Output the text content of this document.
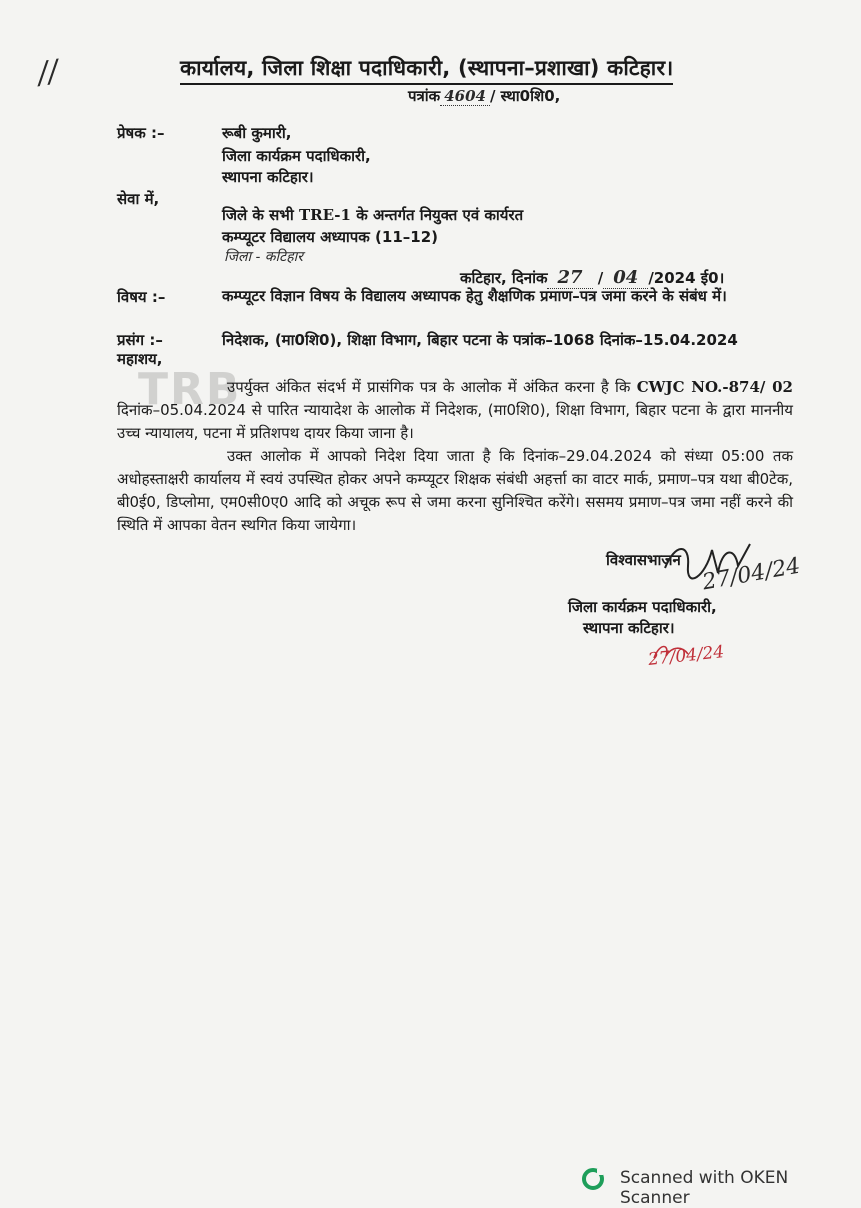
//	कार्यालय, जिला शिक्षा पदाधिकारी, (स्थापना–प्रशाखा) कटिहार।
पत्रांक 4604 / स्था0शि0,
प्रेषक :–	रूबी कुमारी,
जिला कार्यक्रम पदाधिकारी,
स्थापना कटिहार।
सेवा में,
जिले के सभी TRE-1 के अन्तर्गत नियुक्त एवं कार्यरत
कम्प्यूटर विद्यालय अध्यापक (11–12)
जिला - कटिहार
कटिहार, दिनांक 27 / 04 /2024 ई0।
विषय :–	कम्प्यूटर विज्ञान विषय के विद्यालय अध्यापक हेतु शैक्षणिक प्रमाण–पत्र जमा करने के संबंध में।
प्रसंग :–	निदेशक, (मा0शि0), शिक्षा विभाग, बिहार पटना के पत्रांक–1068 दिनांक–15.04.2024
महाशय,
TRB
उपर्युक्त अंकित संदर्भ में प्रासंगिक पत्र के आलोक में अंकित करना है कि CWJC NO.-874/ 02 दिनांक–05.04.2024 से पारित न्यायादेश के आलोक में निदेशक, (मा0शि0), शिक्षा विभाग, बिहार पटना के द्वारा माननीय उच्च न्यायालय, पटना में प्रतिशपथ दायर किया जाना है।
उक्त आलोक में आपको निदेश दिया जाता है कि दिनांक–29.04.2024 को संध्या 05:00 तक अधोहस्ताक्षरी कार्यालय में स्वयं उपस्थित होकर अपने कम्प्यूटर शिक्षक संबंधी अहर्त्ता का वाटर मार्क, प्रमाण–पत्र यथा बी0टेक, बी0ई0, डिप्लोमा, एम0सी0ए0 आदि को अचूक रूप से जमा करना सुनिश्चित करेंगे। ससमय प्रमाण–पत्र जमा नहीं करने की स्थिति में आपका वेतन स्थगित किया जायेगा।
विश्वासभाजन 27/04/24
जिला कार्यक्रम पदाधिकारी,
स्थापना कटिहार।
27/04/24
Scanned with OKEN Scanner
